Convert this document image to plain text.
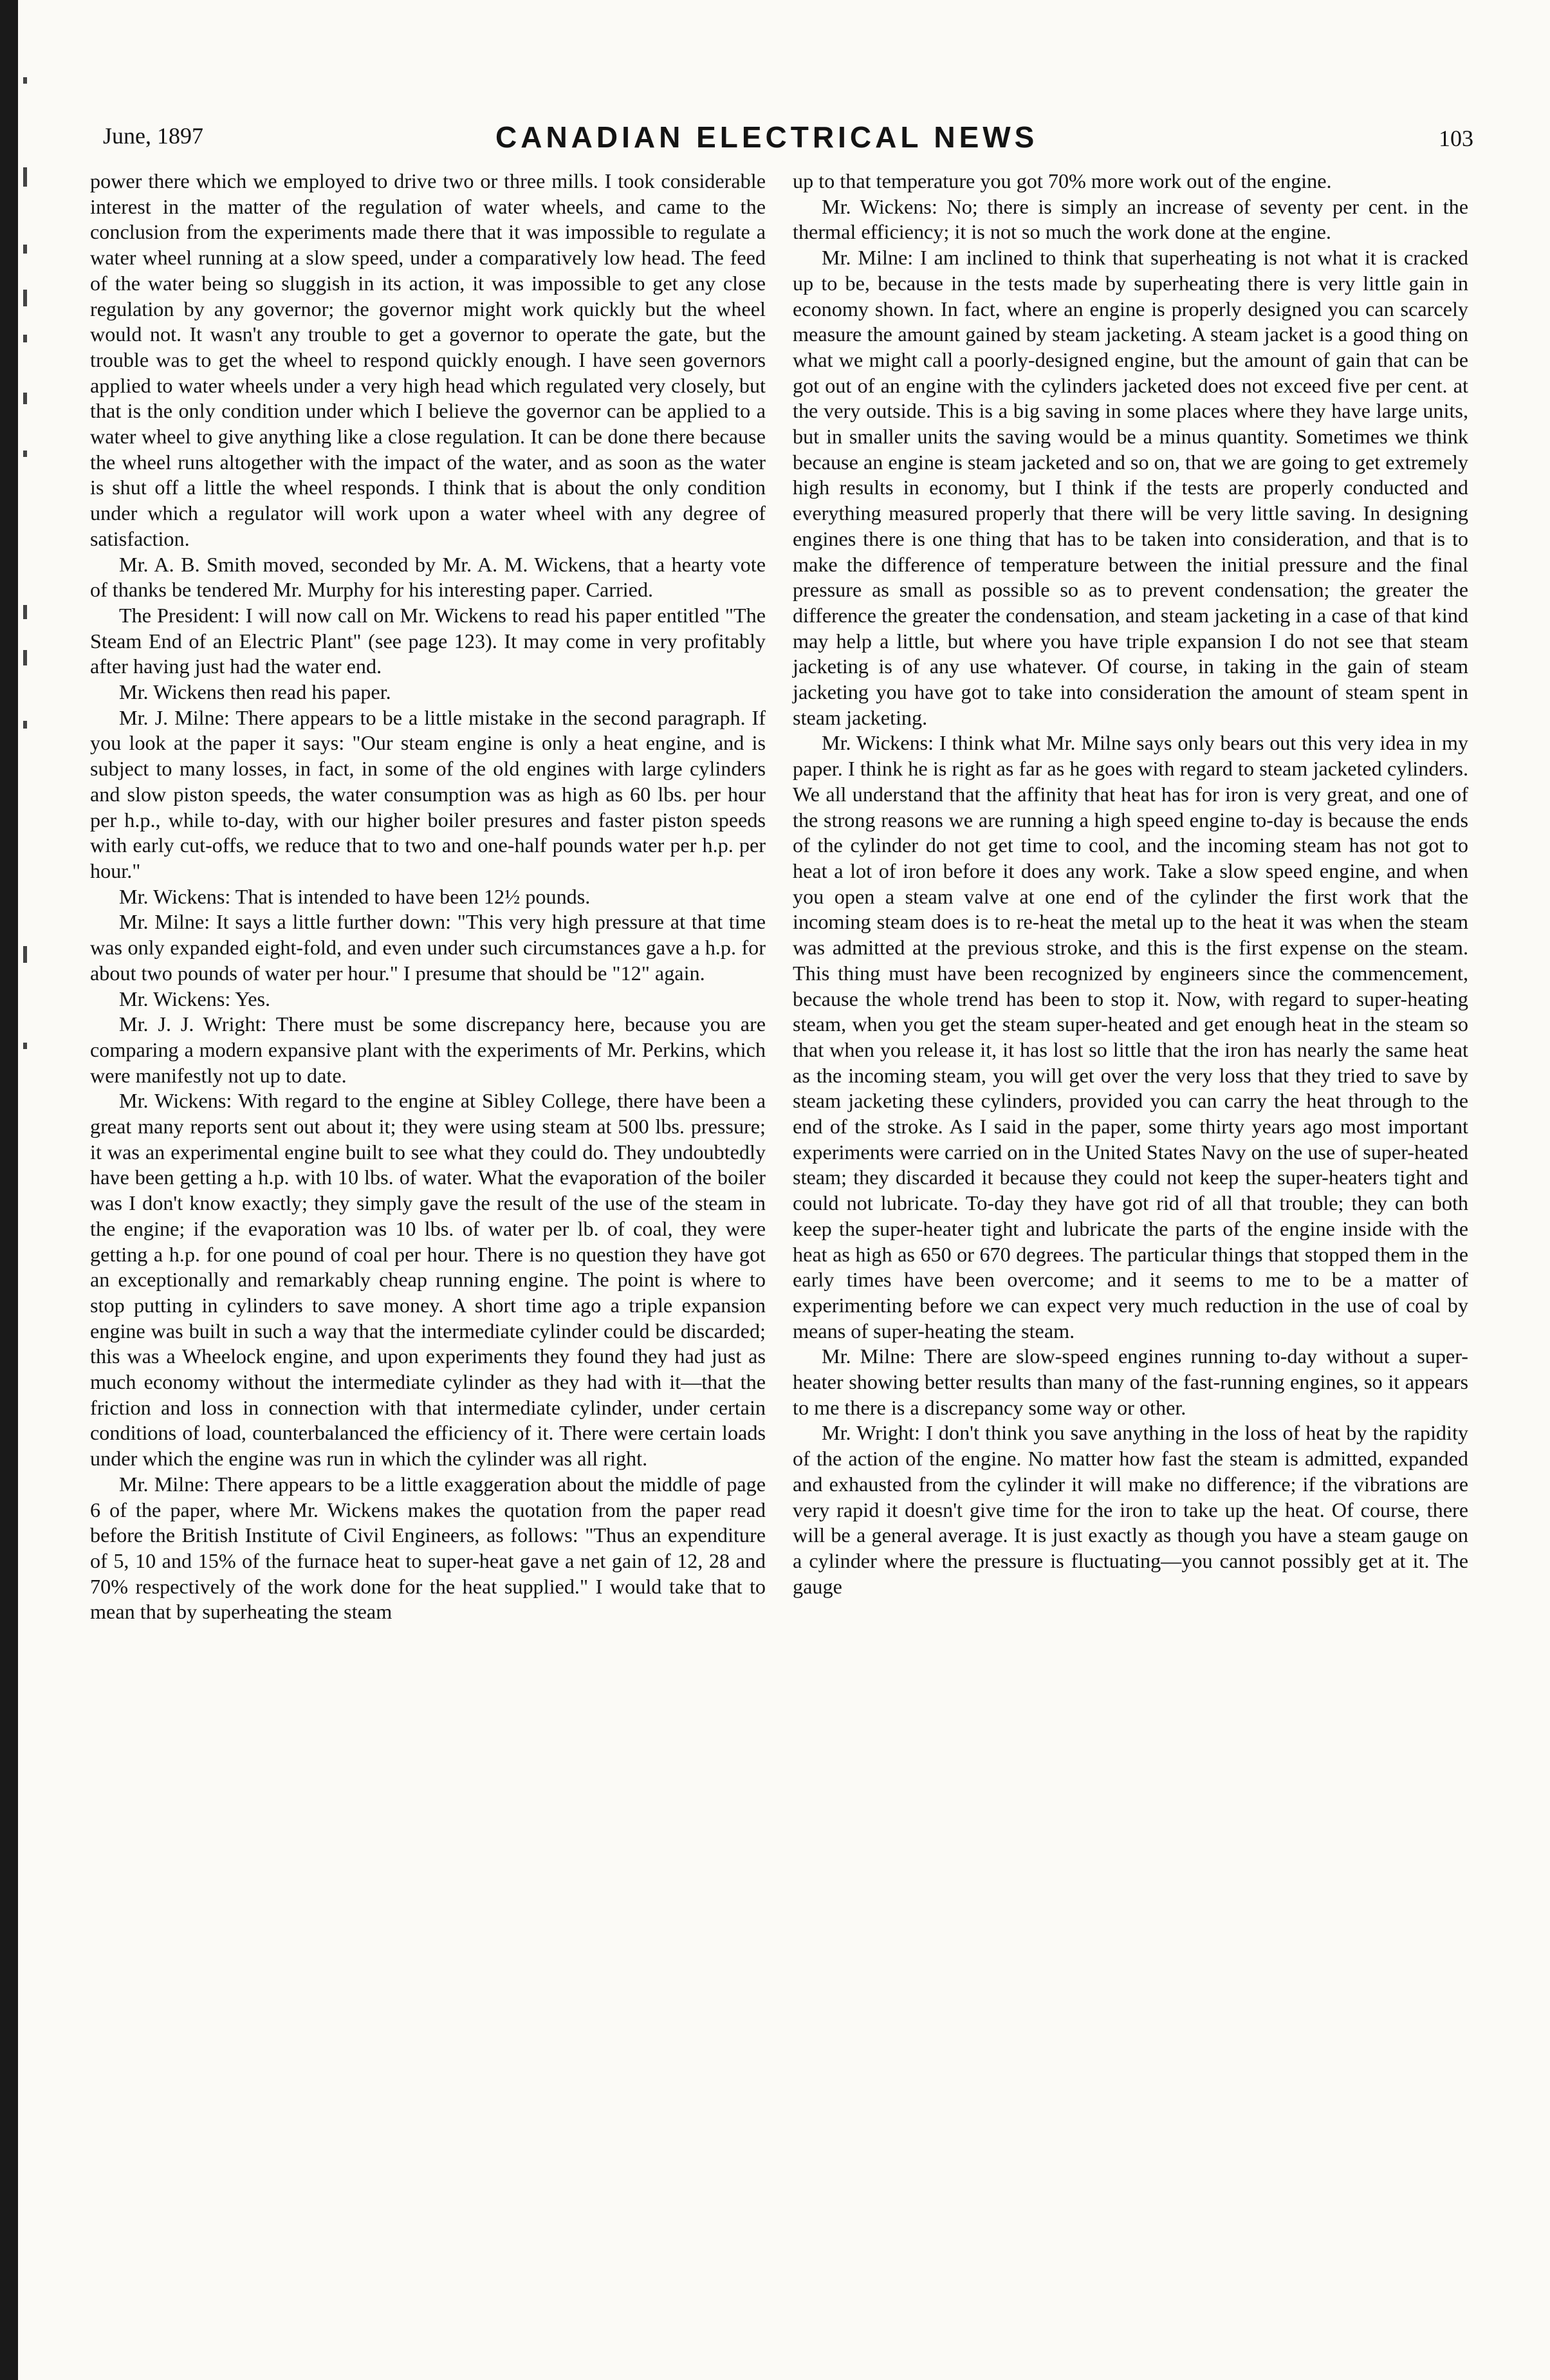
June, 1897	CANADIAN ELECTRICAL NEWS	103

power there which we employed to drive two or three mills. I took considerable interest in the matter of the regulation of water wheels, and came to the conclusion from the experiments made there that it was impossible to regulate a water wheel running at a slow speed, under a comparatively low head. The feed of the water being so sluggish in its action, it was impossible to get any close regulation by any governor; the governor might work quickly but the wheel would not. It wasn't any trouble to get a governor to operate the gate, but the trouble was to get the wheel to respond quickly enough. I have seen governors applied to water wheels under a very high head which regulated very closely, but that is the only condition under which I believe the governor can be applied to a water wheel to give anything like a close regulation. It can be done there because the wheel runs altogether with the impact of the water, and as soon as the water is shut off a little the wheel responds. I think that is about the only condition under which a regulator will work upon a water wheel with any degree of satisfaction.

Mr. A. B. Smith moved, seconded by Mr. A. M. Wickens, that a hearty vote of thanks be tendered Mr. Murphy for his interesting paper. Carried.

The President: I will now call on Mr. Wickens to read his paper entitled "The Steam End of an Electric Plant" (see page 123). It may come in very profitably after having just had the water end.

Mr. Wickens then read his paper.

Mr. J. Milne: There appears to be a little mistake in the second paragraph. If you look at the paper it says: "Our steam engine is only a heat engine, and is subject to many losses, in fact, in some of the old engines with large cylinders and slow piston speeds, the water consumption was as high as 60 lbs. per hour per h.p., while to-day, with our higher boiler presures and faster piston speeds with early cut-offs, we reduce that to two and one-half pounds water per h.p. per hour."

Mr. Wickens: That is intended to have been 12½ pounds.

Mr. Milne: It says a little further down: "This very high pressure at that time was only expanded eight-fold, and even under such circumstances gave a h.p. for about two pounds of water per hour." I presume that should be "12" again.

Mr. Wickens: Yes.

Mr. J. J. Wright: There must be some discrepancy here, because you are comparing a modern expansive plant with the experiments of Mr. Perkins, which were manifestly not up to date.

Mr. Wickens: With regard to the engine at Sibley College, there have been a great many reports sent out about it; they were using steam at 500 lbs. pressure; it was an experimental engine built to see what they could do. They undoubtedly have been getting a h.p. with 10 lbs. of water. What the evaporation of the boiler was I don't know exactly; they simply gave the result of the use of the steam in the engine; if the evaporation was 10 lbs. of water per lb. of coal, they were getting a h.p. for one pound of coal per hour. There is no question they have got an exceptionally and remarkably cheap running engine. The point is where to stop putting in cylinders to save money. A short time ago a triple expansion engine was built in such a way that the intermediate cylinder could be discarded; this was a Wheelock engine, and upon experiments they found they had just as much economy without the intermediate cylinder as they had with it—that the friction and loss in connection with that intermediate cylinder, under certain conditions of load, counterbalanced the efficiency of it. There were certain loads under which the engine was run in which the cylinder was all right.

Mr. Milne: There appears to be a little exaggeration about the middle of page 6 of the paper, where Mr. Wickens makes the quotation from the paper read before the British Institute of Civil Engineers, as follows: "Thus an expenditure of 5, 10 and 15% of the furnace heat to super-heat gave a net gain of 12, 28 and 70% respectively of the work done for the heat supplied." I would take that to mean that by superheating the steam

up to that temperature you got 70% more work out of the engine.

Mr. Wickens: No; there is simply an increase of seventy per cent. in the thermal efficiency; it is not so much the work done at the engine.

Mr. Milne: I am inclined to think that superheating is not what it is cracked up to be, because in the tests made by superheating there is very little gain in economy shown. In fact, where an engine is properly designed you can scarcely measure the amount gained by steam jacketing. A steam jacket is a good thing on what we might call a poorly-designed engine, but the amount of gain that can be got out of an engine with the cylinders jacketed does not exceed five per cent. at the very outside. This is a big saving in some places where they have large units, but in smaller units the saving would be a minus quantity. Sometimes we think because an engine is steam jacketed and so on, that we are going to get extremely high results in economy, but I think if the tests are properly conducted and everything measured properly that there will be very little saving. In designing engines there is one thing that has to be taken into consideration, and that is to make the difference of temperature between the initial pressure and the final pressure as small as possible so as to prevent condensation; the greater the difference the greater the condensation, and steam jacketing in a case of that kind may help a little, but where you have triple expansion I do not see that steam jacketing is of any use whatever. Of course, in taking in the gain of steam jacketing you have got to take into consideration the amount of steam spent in steam jacketing.

Mr. Wickens: I think what Mr. Milne says only bears out this very idea in my paper. I think he is right as far as he goes with regard to steam jacketed cylinders. We all understand that the affinity that heat has for iron is very great, and one of the strong reasons we are running a high speed engine to-day is because the ends of the cylinder do not get time to cool, and the incoming steam has not got to heat a lot of iron before it does any work. Take a slow speed engine, and when you open a steam valve at one end of the cylinder the first work that the incoming steam does is to re-heat the metal up to the heat it was when the steam was admitted at the previous stroke, and this is the first expense on the steam. This thing must have been recognized by engineers since the commencement, because the whole trend has been to stop it. Now, with regard to super-heating steam, when you get the steam super-heated and get enough heat in the steam so that when you release it, it has lost so little that the iron has nearly the same heat as the incoming steam, you will get over the very loss that they tried to save by steam jacketing these cylinders, provided you can carry the heat through to the end of the stroke. As I said in the paper, some thirty years ago most important experiments were carried on in the United States Navy on the use of super-heated steam; they discarded it because they could not keep the super-heaters tight and could not lubricate. To-day they have got rid of all that trouble; they can both keep the super-heater tight and lubricate the parts of the engine inside with the heat as high as 650 or 670 degrees. The particular things that stopped them in the early times have been overcome; and it seems to me to be a matter of experimenting before we can expect very much reduction in the use of coal by means of super-heating the steam.

Mr. Milne: There are slow-speed engines running to-day without a super-heater showing better results than many of the fast-running engines, so it appears to me there is a discrepancy some way or other.

Mr. Wright: I don't think you save anything in the loss of heat by the rapidity of the action of the engine. No matter how fast the steam is admitted, expanded and exhausted from the cylinder it will make no difference; if the vibrations are very rapid it doesn't give time for the iron to take up the heat. Of course, there will be a general average. It is just exactly as though you have a steam gauge on a cylinder where the pressure is fluctuating—you cannot possibly get at it. The gauge
